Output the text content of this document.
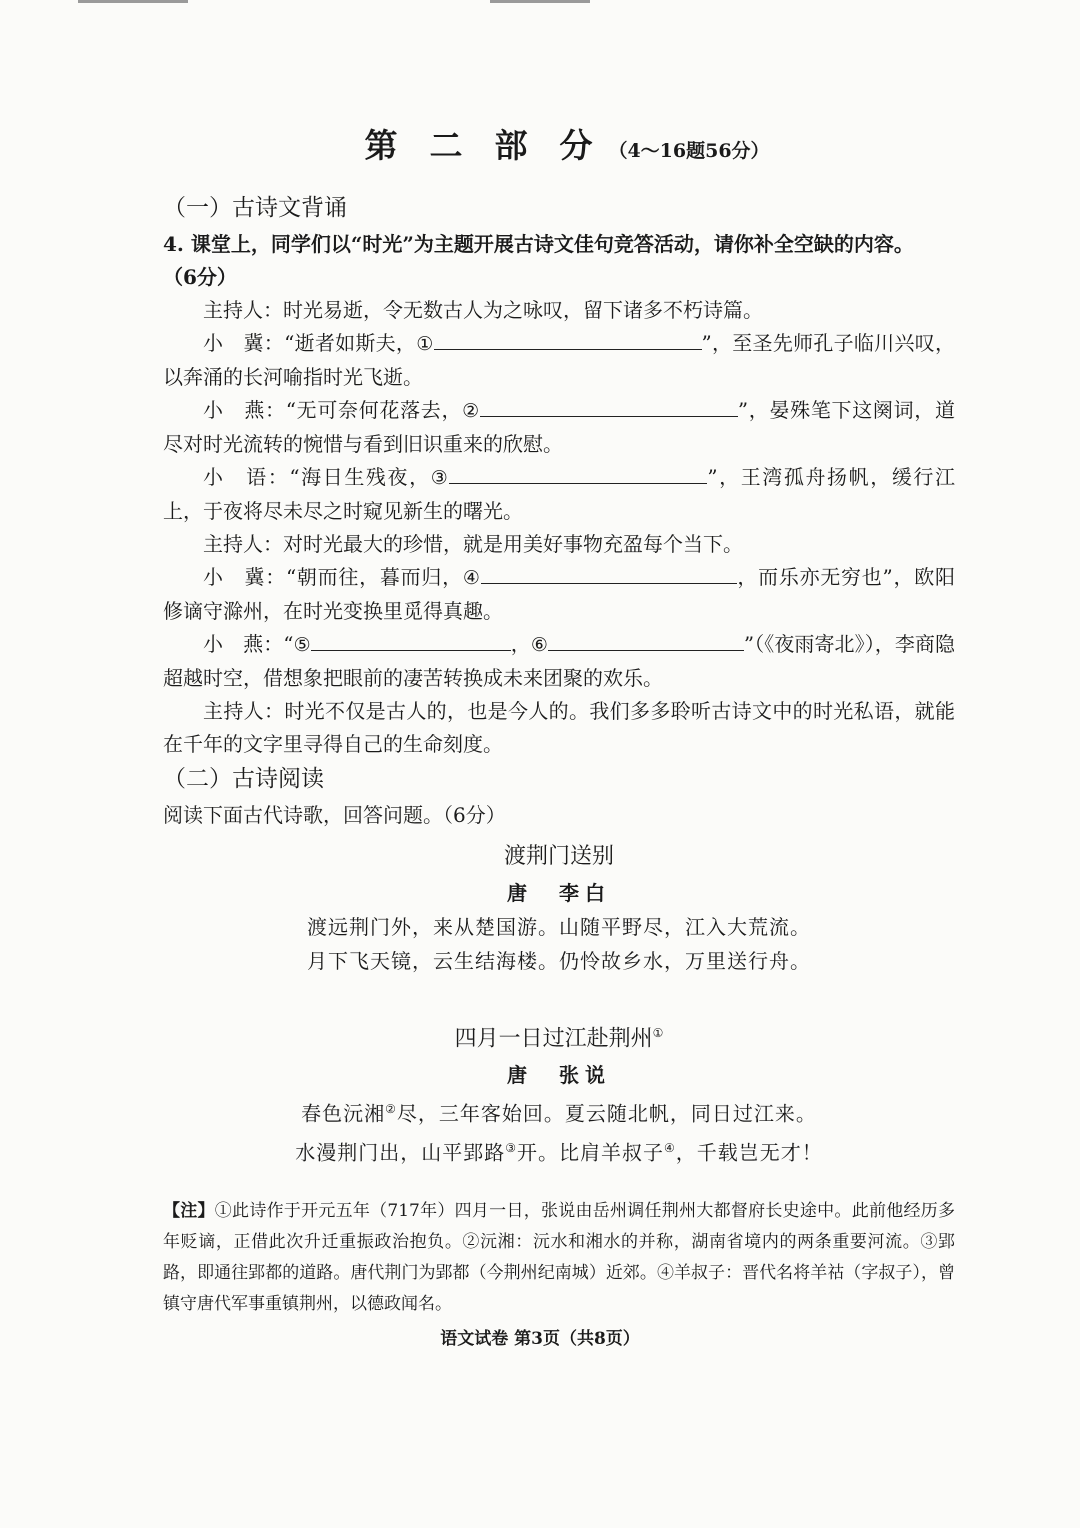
第 二 部 分 （4～16题56分）
（一）古诗文背诵

4. 课堂上，同学们以“时光”为主题开展古诗文佳句竞答活动，请你补全空缺的内容。
（6分）

主持人：时光易逝，令无数古人为之咏叹，留下诸多不朽诗篇。

小　冀：“逝者如斯夫，①	”，至圣先师孔子临川兴叹，以奔涌的长河喻指时光飞逝。

小　燕：“无可奈何花落去，②	”，晏殊笔下这阕词，道尽对时光流转的惋惜与看到旧识重来的欣慰。

小　语：“海日生残夜，③	”，王湾孤舟扬帆，缓行江上，于夜将尽未尽之时窥见新生的曙光。

主持人：对时光最大的珍惜，就是用美好事物充盈每个当下。

小　冀：“朝而往，暮而归，④	，而乐亦无穷也”，欧阳修谪守滁州，在时光变换里觅得真趣。

小　燕：“⑤	，⑥	”（《夜雨寄北》），李商隐超越时空，借想象把眼前的凄苦转换成未来团聚的欢乐。

主持人：时光不仅是古人的，也是今人的。我们多多聆听古诗文中的时光私语，就能在千年的文字里寻得自己的生命刻度。

（二）古诗阅读

阅读下面古代诗歌，回答问题。（6分）

渡荆门送别
唐　李白
渡远荆门外，来从楚国游。山随平野尽，江入大荒流。
月下飞天镜，云生结海楼。仍怜故乡水，万里送行舟。
四月一日过江赴荆州①
唐　张说
春色沅湘②尽，三年客始回。夏云随北帆，同日过江来。
水漫荆门出，山平郢路③开。比肩羊叔子④，千载岂无才！

【注】①此诗作于开元五年（717年）四月一日，张说由岳州调任荆州大都督府长史途中。此前他经历多年贬谪，正借此次升迁重振政治抱负。②沅湘：沅水和湘水的并称，湖南省境内的两条重要河流。③郢路，即通往郢都的道路。唐代荆门为郢都（今荆州纪南城）近郊。④羊叔子：晋代名将羊祜（字叔子），曾镇守唐代军事重镇荆州，以德政闻名。

语文试卷 第3页（共8页）
